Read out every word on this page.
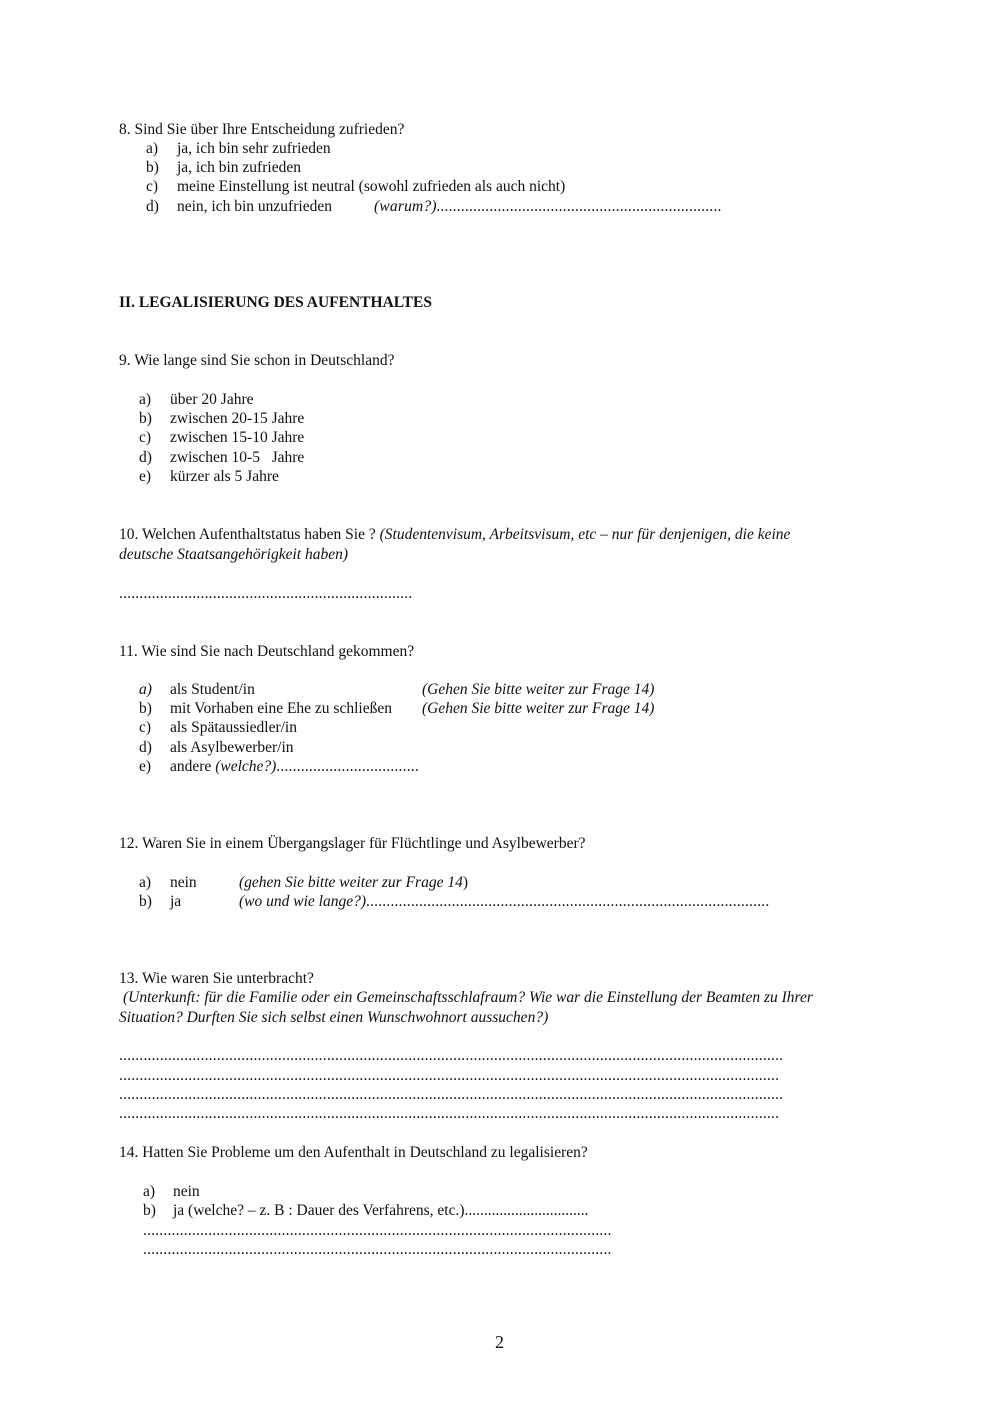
8. Sind Sie über Ihre Entscheidung zufrieden?
a) ja, ich bin sehr zufrieden
b) ja, ich bin zufrieden
c) meine Einstellung ist neutral (sowohl zufrieden als auch nicht)
d) nein, ich bin unzufrieden	(warum?)......................................................................
II. LEGALISIERUNG DES AUFENTHALTES
9. Wie lange sind Sie schon in Deutschland?
a) über 20 Jahre
b) zwischen 20-15 Jahre
c) zwischen 15-10 Jahre
d) zwischen 10-5   Jahre
e) kürzer als 5 Jahre
10. Welchen Aufenthaltstatus haben Sie ? (Studentenvisum, Arbeitsvisum, etc – nur für denjenigen, die keine
deutsche Staatsangehörigkeit haben)
........................................................................
11. Wie sind Sie nach Deutschland gekommen?
a) als Student/in	(Gehen Sie bitte weiter zur Frage 14)
b) mit Vorhaben eine Ehe zu schließen (Gehen Sie bitte weiter zur Frage 14)
c) als Spätaussiedler/in
d) als Asylbewerber/in
e) andere (welche?)...................................
12. Waren Sie in einem Übergangslager für Flüchtlinge und Asylbewerber?
a) nein	(gehen Sie bitte weiter zur Frage 14)
b) ja	(wo und wie lange?)...................................................................................................
13. Wie waren Sie unterbracht?
(Unterkunft: für die Familie oder ein Gemeinschaftsschlafraum? Wie war die Einstellung der Beamten zu Ihrer
Situation? Durften Sie sich selbst einen Wunschwohnort aussuchen?)
...................................................................................................................................................................
..................................................................................................................................................................
...................................................................................................................................................................
..................................................................................................................................................................
14. Hatten Sie Probleme um den Aufenthalt in Deutschland zu legalisieren?
a) nein
b) ja (welche? – z. B : Dauer des Verfahrens, etc.)................................
...................................................................................................................
...................................................................................................................
2
